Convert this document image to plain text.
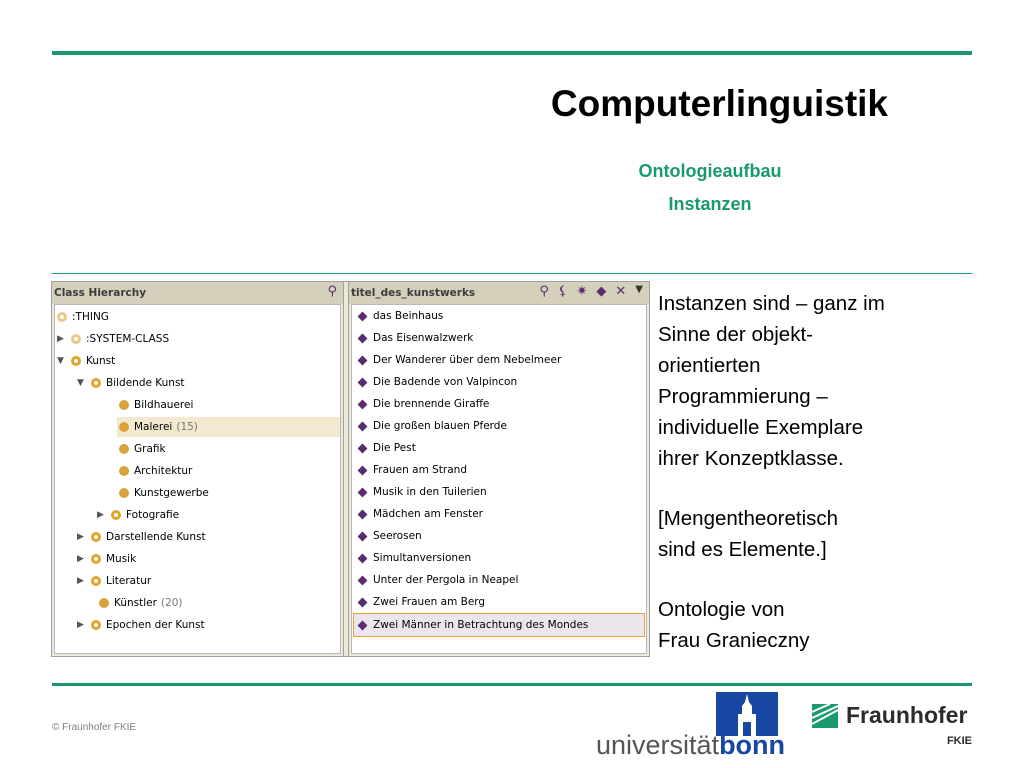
Computerlinguistik
Ontologieaufbau
Instanzen
Class Hierarchy	⚲
:THING
▶	:SYSTEM-CLASS
▼	Kunst
▼	Bildende Kunst
Bildhauerei
Malerei (15)
Grafik
Architektur
Kunstgewerbe
▶	Fotografie
▶	Darstellende Kunst
▶	Musik
▶	Literatur
Künstler (20)
▶	Epochen der Kunst
titel_des_kunstwerks	⚲ ⚸ ✷ ◆ ✕ ▼
das Beinhaus
Das Eisenwalzwerk
Der Wanderer über dem Nebelmeer
Die Badende von Valpincon
Die brennende Giraffe
Die großen blauen Pferde
Die Pest
Frauen am Strand
Musik in den Tuilerien
Mädchen am Fenster
Seerosen
Simultanversionen
Unter der Pergola in Neapel
Zwei Frauen am Berg
Zwei Männer in Betrachtung des Mondes

Instanzen sind – ganz im

Sinne der objekt-

orientierten

Programmierung –

individuelle Exemplare

ihrer Konzeptklasse.

[Mengentheoretisch

sind es Elemente.]

Ontologie von

Frau Granieczny

© Fraunhofer FKIE
universitätbonn
Fraunhofer
FKIE
